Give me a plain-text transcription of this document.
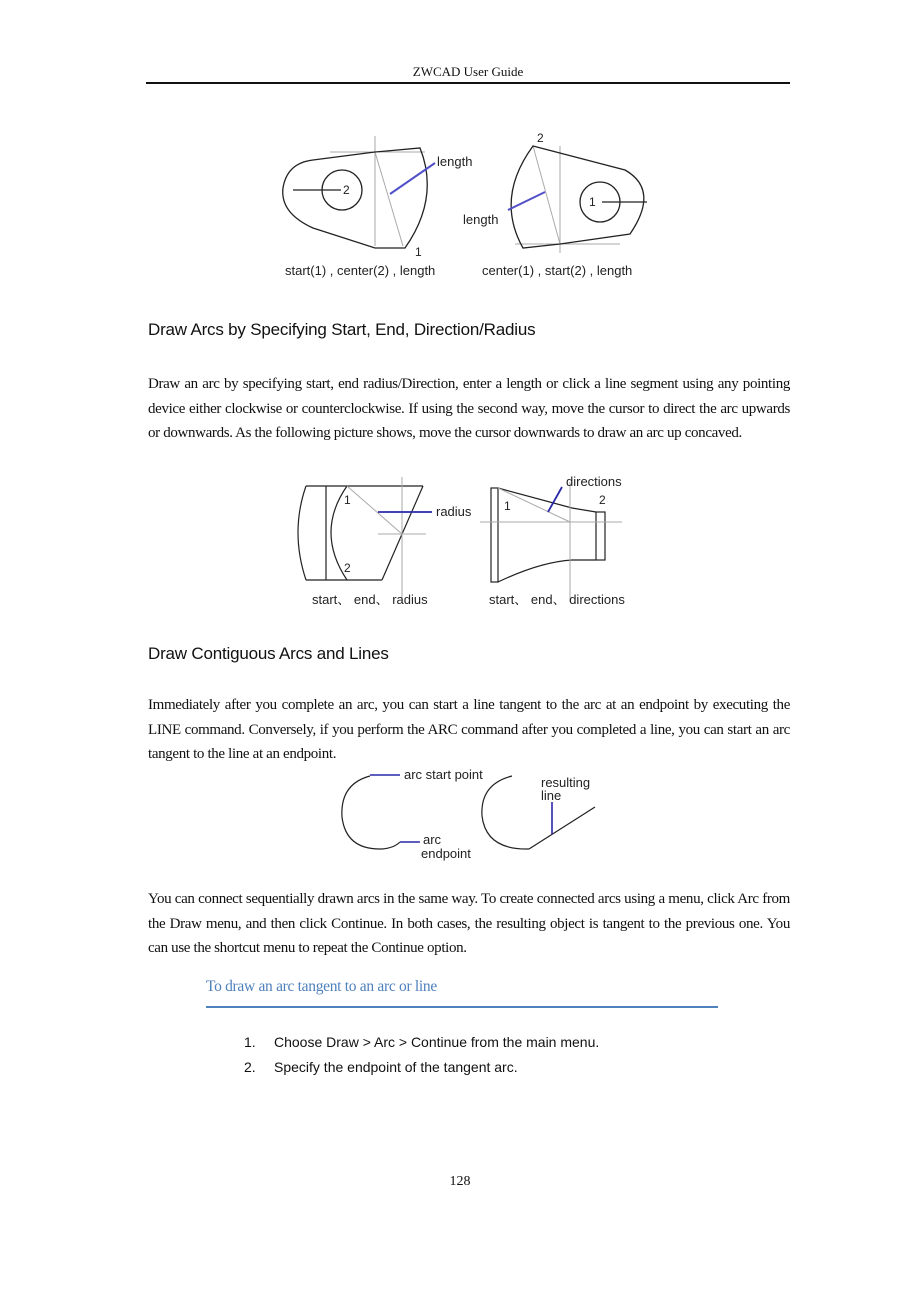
ZWCAD User Guide
length
2
1
start(1) , center(2) , length
length
1
2
center(1) , start(2) , length
Draw Arcs by Specifying Start, End, Direction/Radius
Draw an arc by specifying start, end radius/Direction, enter a length or click a line segment using any pointing device either clockwise or counterclockwise. If using the second way, move the cursor to direct the arc upwards or downwards. As the following picture shows, move the cursor downwards to draw an arc up concaved.
radius
1
2
start、 end、 radius
directions
1	2
start、 end、 directions
Draw Contiguous Arcs and Lines
Immediately after you complete an arc, you can start a line tangent to the arc at an endpoint by executing the LINE command. Conversely, if you perform the ARC command after you completed a line, you can start an arc tangent to the line at an endpoint.
arc start point
arc
endpoint
resulting
line
You can connect sequentially drawn arcs in the same way. To create connected arcs using a menu, click Arc from the Draw menu, and then click Continue. In both cases, the resulting object is tangent to the previous one. You can use the shortcut menu to repeat the Continue option.
To draw an arc tangent to an arc or line
1.	Choose Draw > Arc > Continue from the main menu.
2.	Specify the endpoint of the tangent arc.
128
